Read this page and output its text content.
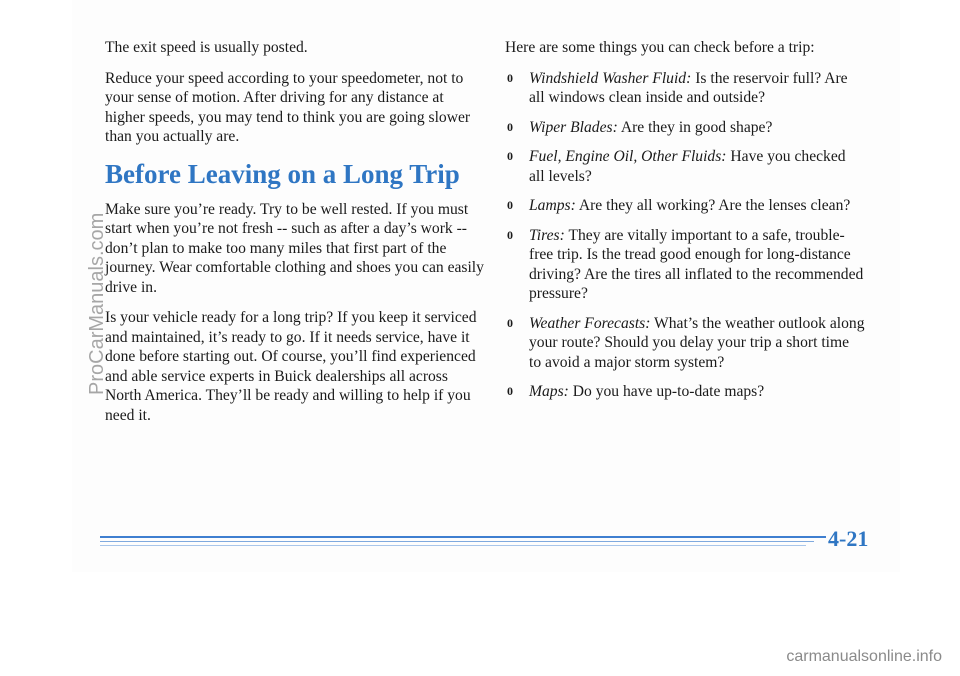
The exit speed is usually posted.

Reduce your speed according to your speedometer, not to your sense of motion. After driving for any distance at higher speeds, you may tend to think you are going slower than you actually are.

Before Leaving on a Long Trip

Make sure you’re ready. Try to be well rested. If you must start when you’re not fresh -- such as after a day’s work -- don’t plan to make too many miles that first part of the journey. Wear comfortable clothing and shoes you can easily drive in.

Is your vehicle ready for a long trip? If you keep it serviced and maintained, it’s ready to go. If it needs service, have it done before starting out. Of course, you’ll find experienced and able service experts in Buick dealerships all across North America. They’ll be ready and willing to help if you need it.

Here are some things you can check before a trip:

0 Windshield Washer Fluid: Is the reservoir full? Are all windows clean inside and outside?
0 Wiper Blades: Are they in good shape?
0 Fuel, Engine Oil, Other Fluids: Have you checked all levels?
0 Lamps: Are they all working? Are the lenses clean?
0 Tires: They are vitally important to a safe, trouble-free trip. Is the tread good enough for long-distance driving? Are the tires all inflated to the recommended pressure?
0 Weather Forecasts: What’s the weather outlook along your route? Should you delay your trip a short time to avoid a major storm system?
0 Maps: Do you have up-to-date maps?
ProCarManuals.com
4-21
carmanualsonline.info
